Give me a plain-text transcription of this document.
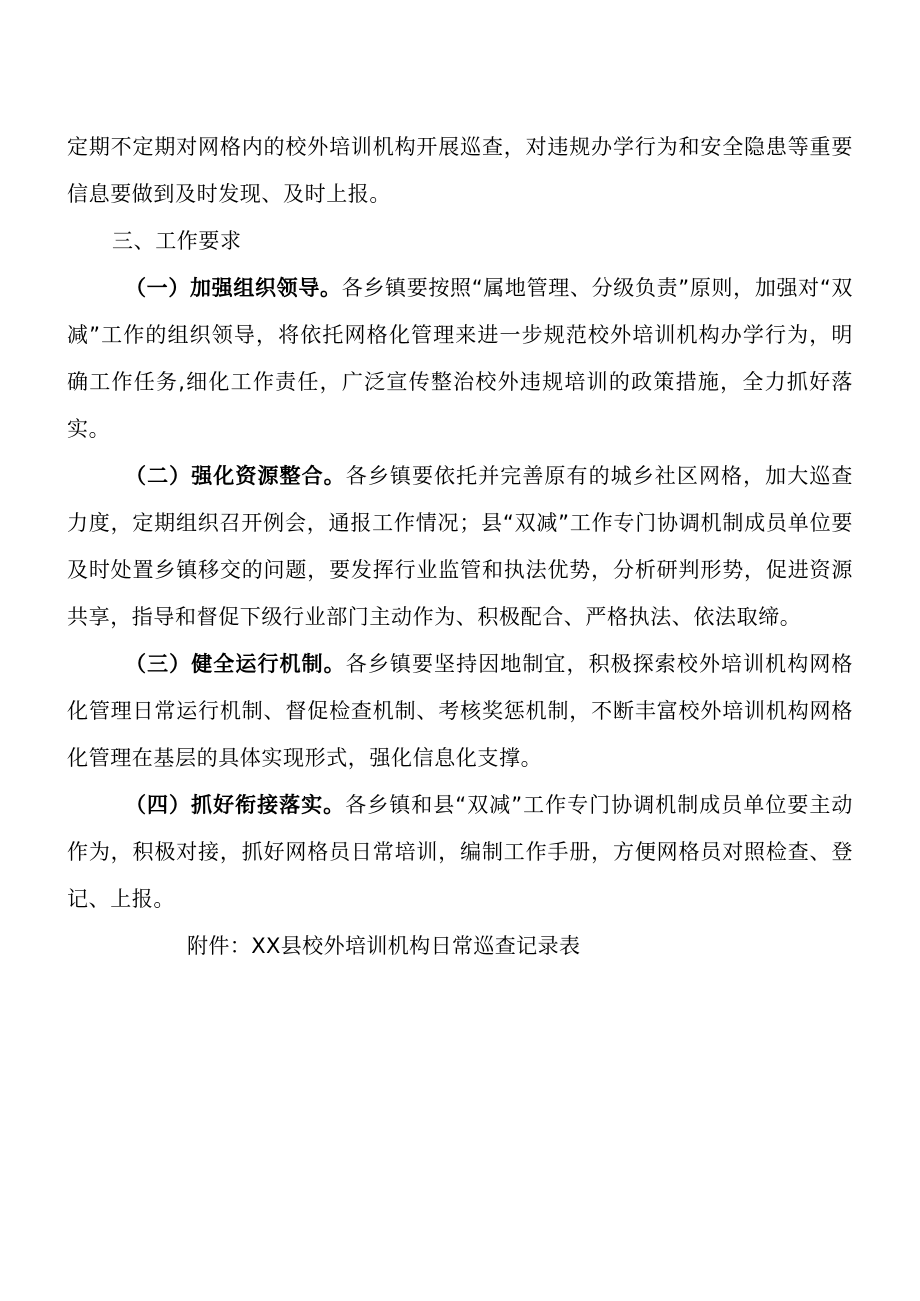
定期不定期对网格内的校外培训机构开展巡查，对违规办学行为和安全隐患等重要信息要做到及时发现、及时上报。

三、工作要求

（一）加强组织领导。各乡镇要按照“属地管理、分级负责”原则，加强对“双减”工作的组织领导，将依托网格化管理来进一步规范校外培训机构办学行为，明确工作任务,细化工作责任，广泛宣传整治校外违规培训的政策措施，全力抓好落实。

（二）强化资源整合。各乡镇要依托并完善原有的城乡社区网格，加大巡查力度，定期组织召开例会，通报工作情况；县“双减”工作专门协调机制成员单位要及时处置乡镇移交的问题，要发挥行业监管和执法优势，分析研判形势，促进资源共享，指导和督促下级行业部门主动作为、积极配合、严格执法、依法取缔。

（三）健全运行机制。各乡镇要坚持因地制宜，积极探索校外培训机构网格化管理日常运行机制、督促检查机制、考核奖惩机制，不断丰富校外培训机构网格化管理在基层的具体实现形式，强化信息化支撑。

（四）抓好衔接落实。各乡镇和县“双减”工作专门协调机制成员单位要主动作为，积极对接，抓好网格员日常培训，编制工作手册，方便网格员对照检查、登记、上报。

附件：XX县校外培训机构日常巡查记录表
